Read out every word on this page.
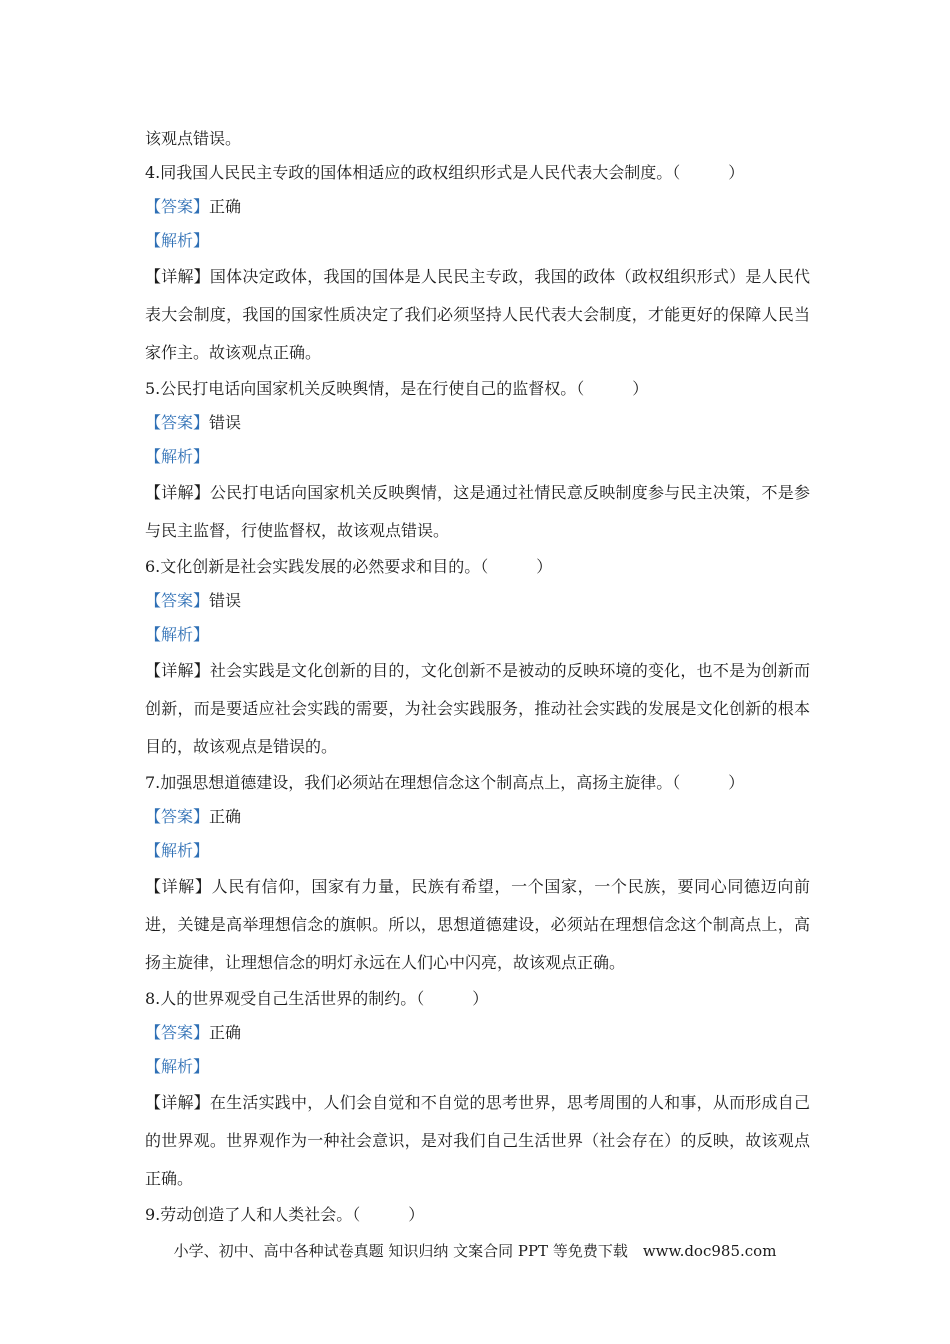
该观点错误。
4.同我国人民民主专政的国体相适应的政权组织形式是人民代表大会制度。（　　　）
【答案】正确
【解析】

【详解】国体决定政体，我国的国体是人民民主专政，我国的政体（政权组织形式）是人民代表大会制度，我国的国家性质决定了我们必须坚持人民代表大会制度，才能更好的保障人民当家作主。故该观点正确。

5.公民打电话向国家机关反映舆情，是在行使自己的监督权。（　　　）
【答案】错误
【解析】

【详解】公民打电话向国家机关反映舆情，这是通过社情民意反映制度参与民主决策，不是参与民主监督，行使监督权，故该观点错误。

6.文化创新是社会实践发展的必然要求和目的。（　　　）
【答案】错误
【解析】

【详解】社会实践是文化创新的目的，文化创新不是被动的反映环境的变化，也不是为创新而创新，而是要适应社会实践的需要，为社会实践服务，推动社会实践的发展是文化创新的根本目的，故该观点是错误的。

7.加强思想道德建设，我们必须站在理想信念这个制高点上，高扬主旋律。（　　　）
【答案】正确
【解析】

【详解】人民有信仰，国家有力量，民族有希望，一个国家，一个民族，要同心同德迈向前进，关键是高举理想信念的旗帜。所以，思想道德建设，必须站在理想信念这个制高点上，高扬主旋律，让理想信念的明灯永远在人们心中闪亮，故该观点正确。

8.人的世界观受自己生活世界的制约。（　　　）
【答案】正确
【解析】

【详解】在生活实践中，人们会自觉和不自觉的思考世界，思考周围的人和事，从而形成自己的世界观。世界观作为一种社会意识，是对我们自己生活世界（社会存在）的反映，故该观点正确。

9.劳动创造了人和人类社会。（　　　）
小学、初中、高中各种试卷真题 知识归纳 文案合同 PPT 等免费下载　www.doc985.com
